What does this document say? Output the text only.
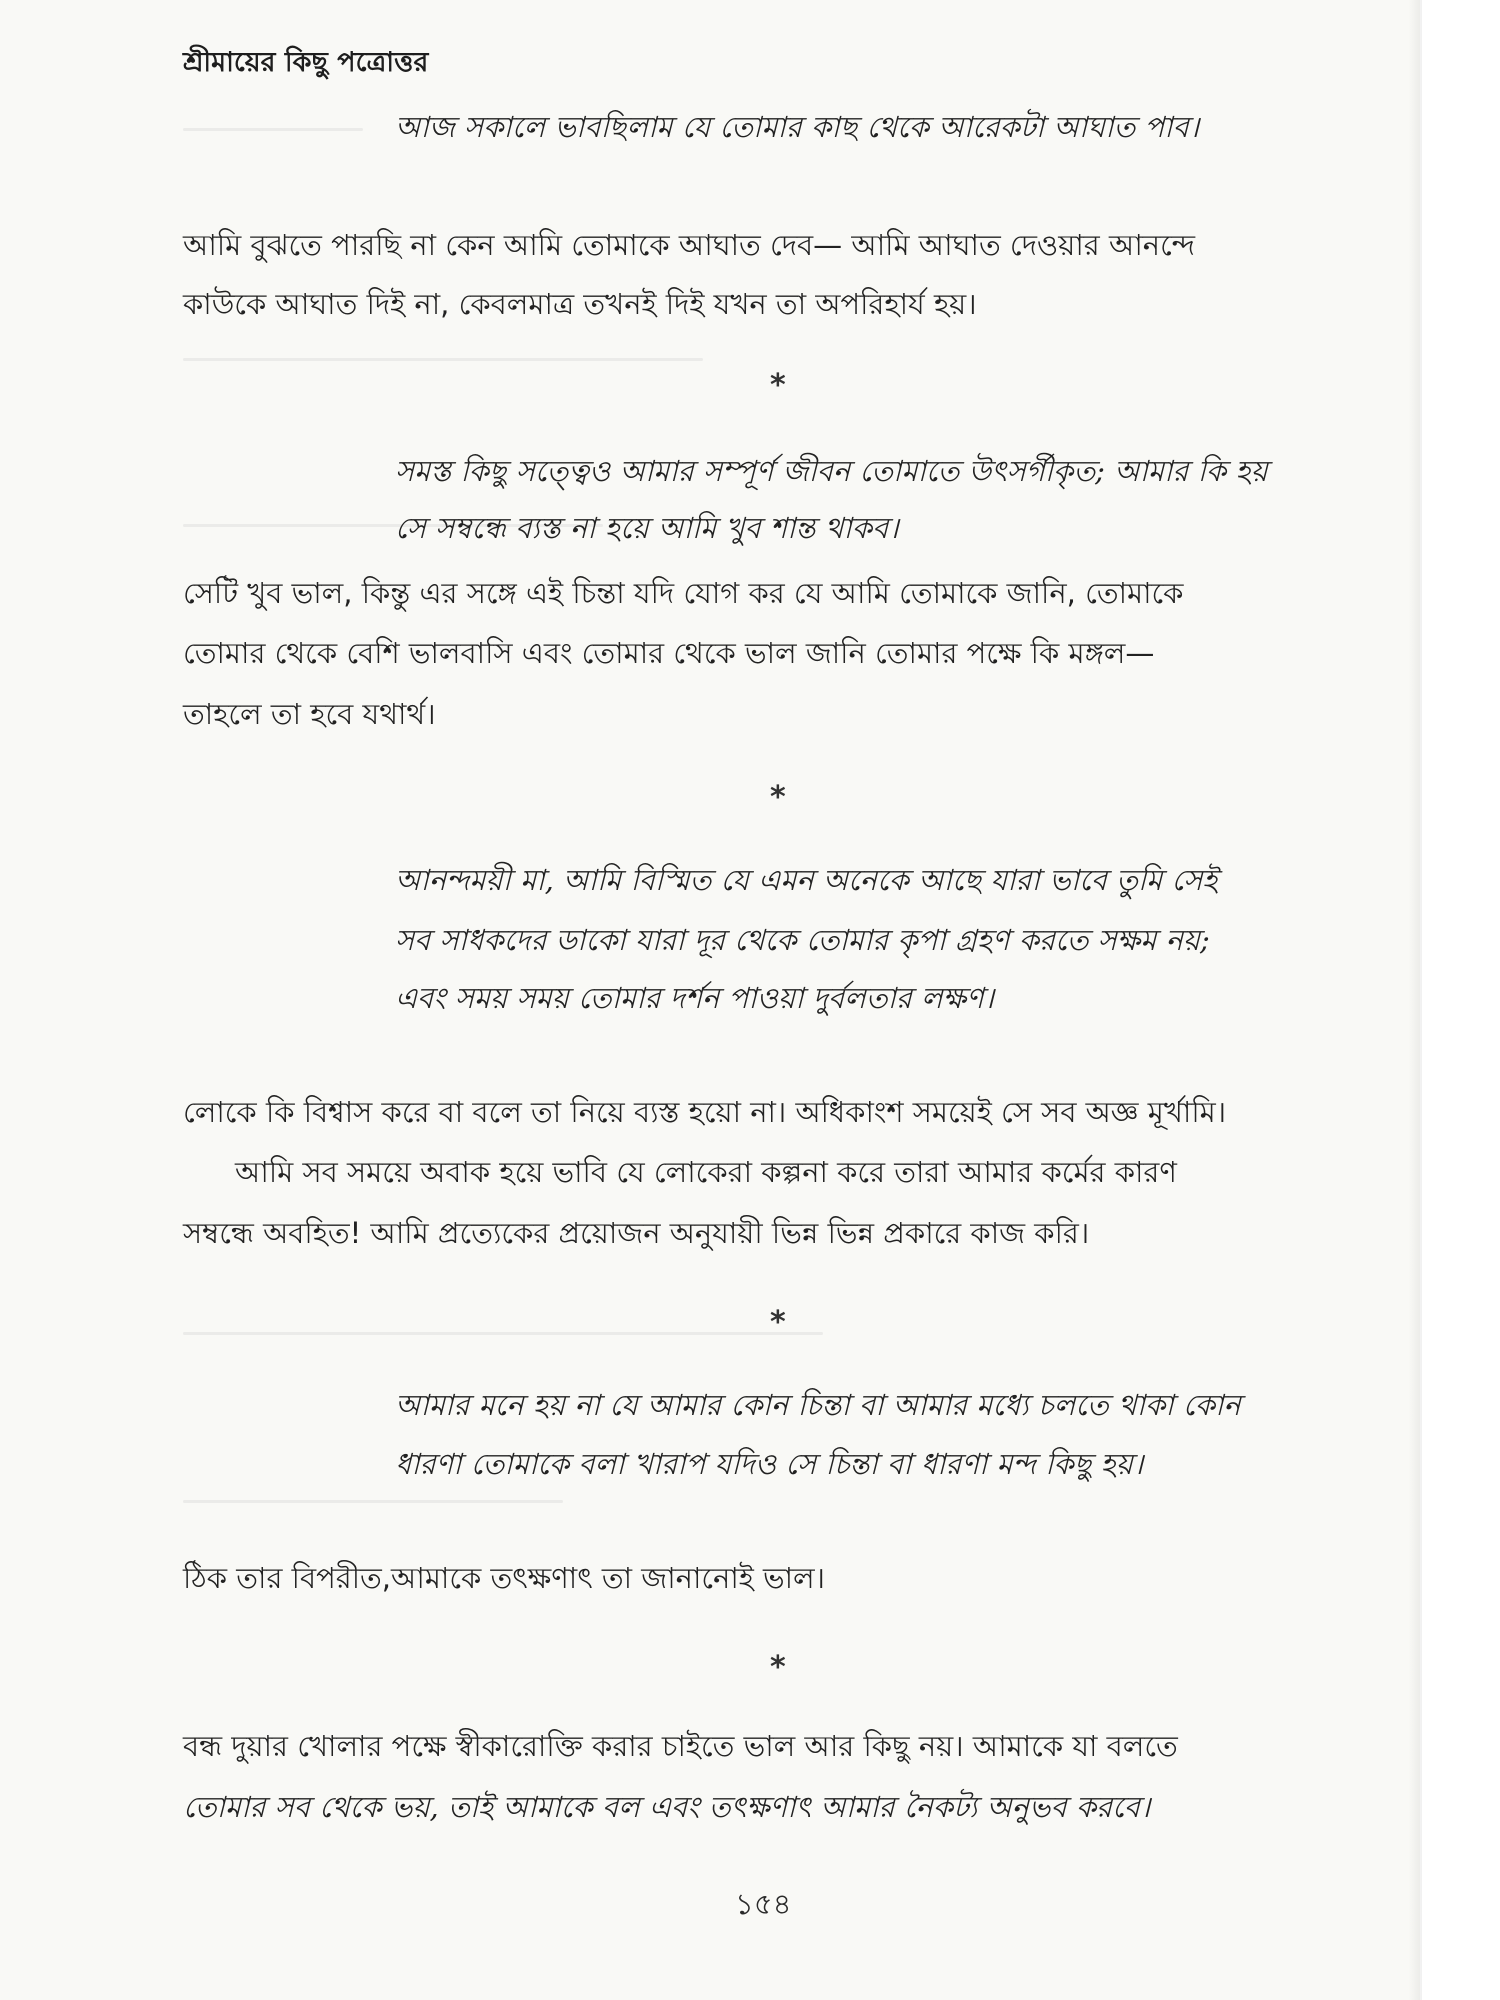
শ্রীমায়ের কিছু পত্রোত্তর
আজ সকালে ভাবছিলাম যে তোমার কাছ থেকে আরেকটা আঘাত পাব।
আমি বুঝতে পারছি না কেন আমি তোমাকে আঘাত দেব— আমি আঘাত দেওয়ার আনন্দে
কাউকে আঘাত দিই না, কেবলমাত্র তখনই দিই যখন তা অপরিহার্য হয়।
*
সমস্ত কিছু সত্ত্বেও আমার সম্পূর্ণ জীবন তোমাতে উৎসর্গীকৃত; আমার কি হয়
সে সম্বন্ধে ব্যস্ত না হয়ে আমি খুব শান্ত থাকব।
সেটি খুব ভাল, কিন্তু এর সঙ্গে এই চিন্তা যদি যোগ কর যে আমি তোমাকে জানি, তোমাকে
তোমার থেকে বেশি ভালবাসি এবং তোমার থেকে ভাল জানি তোমার পক্ষে কি মঙ্গল—
তাহলে তা হবে যথার্থ।
*
আনন্দময়ী মা, আমি বিস্মিত যে এমন অনেকে আছে যারা ভাবে তুমি সেই
সব সাধকদের ডাকো যারা দূর থেকে তোমার কৃপা গ্রহণ করতে সক্ষম নয়;
এবং সময় সময় তোমার দর্শন পাওয়া দুর্বলতার লক্ষণ।
লোকে কি বিশ্বাস করে বা বলে তা নিয়ে ব্যস্ত হয়ো না। অধিকাংশ সময়েই সে সব অজ্ঞ মূর্খামি।
আমি সব সময়ে অবাক হয়ে ভাবি যে লোকেরা কল্পনা করে তারা আমার কর্মের কারণ
সম্বন্ধে অবহিত! আমি প্রত্যেকের প্রয়োজন অনুযায়ী ভিন্ন ভিন্ন প্রকারে কাজ করি।
*
আমার মনে হয় না যে আমার কোন চিন্তা বা আমার মধ্যে চলতে থাকা কোন
ধারণা তোমাকে বলা খারাপ যদিও সে চিন্তা বা ধারণা মন্দ কিছু হয়।
ঠিক তার বিপরীত,আমাকে তৎক্ষণাৎ তা জানানোই ভাল।
*
বন্ধ দুয়ার খোলার পক্ষে স্বীকারোক্তি করার চাইতে ভাল আর কিছু নয়। আমাকে যা বলতে
তোমার সব থেকে ভয়, তাই আমাকে বল এবং তৎক্ষণাৎ আমার নৈকট্য অনুভব করবে।
১৫৪
